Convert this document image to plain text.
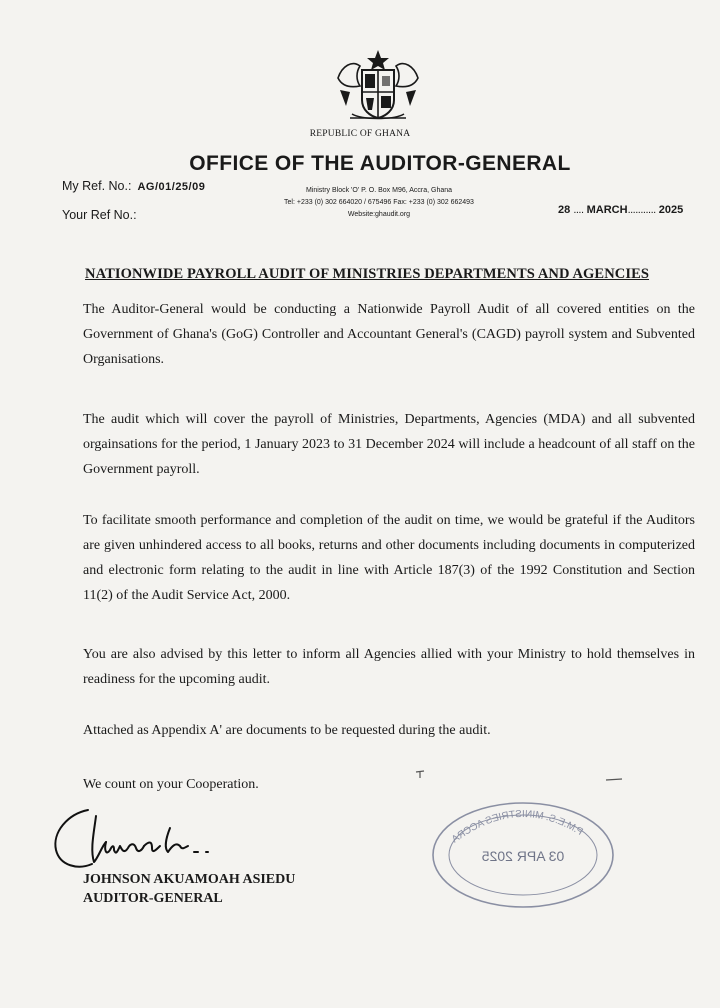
REPUBLIC OF GHANA
OFFICE OF THE AUDITOR-GENERAL
My Ref. No.: AG/01/25/09
Your Ref No.:
Ministry Block 'O' P. O. Box M96, Accra, Ghana
Tel: +233 (0) 302 664020 / 675496 Fax: +233 (0) 302 662493
Website:ghaudit.org	28 .... MARCH........... 2025
NATIONWIDE PAYROLL AUDIT OF MINISTRIES DEPARTMENTS AND AGENCIES
The Auditor-General would be conducting a Nationwide Payroll Audit of all covered entities on the Government of Ghana's (GoG) Controller and Accountant General's (CAGD) payroll system and Subvented Organisations.
The audit which will cover the payroll of Ministries, Departments, Agencies (MDA) and all subvented orgainsations for the period, 1 January 2023 to 31 December 2024 will include a headcount of all staff on the Government payroll.
To facilitate smooth performance and completion of the audit on time, we would be grateful if the Auditors are given unhindered access to all books, returns and other documents including documents in computerized and electronic form relating to the audit in line with Article 187(3) of the 1992 Constitution and Section 11(2) of the Audit Service Act, 2000.
You are also advised by this letter to inform all Agencies allied with your Ministry to hold themselves in readiness for the upcoming audit.
Attached as Appendix A' are documents to be requested during the audit.
We count on your Cooperation.
JOHNSON AKUAMOAH ASIEDU
AUDITOR-GENERAL
P.M.E.S. MINISTRIES ACCRA
03 APR 2025
